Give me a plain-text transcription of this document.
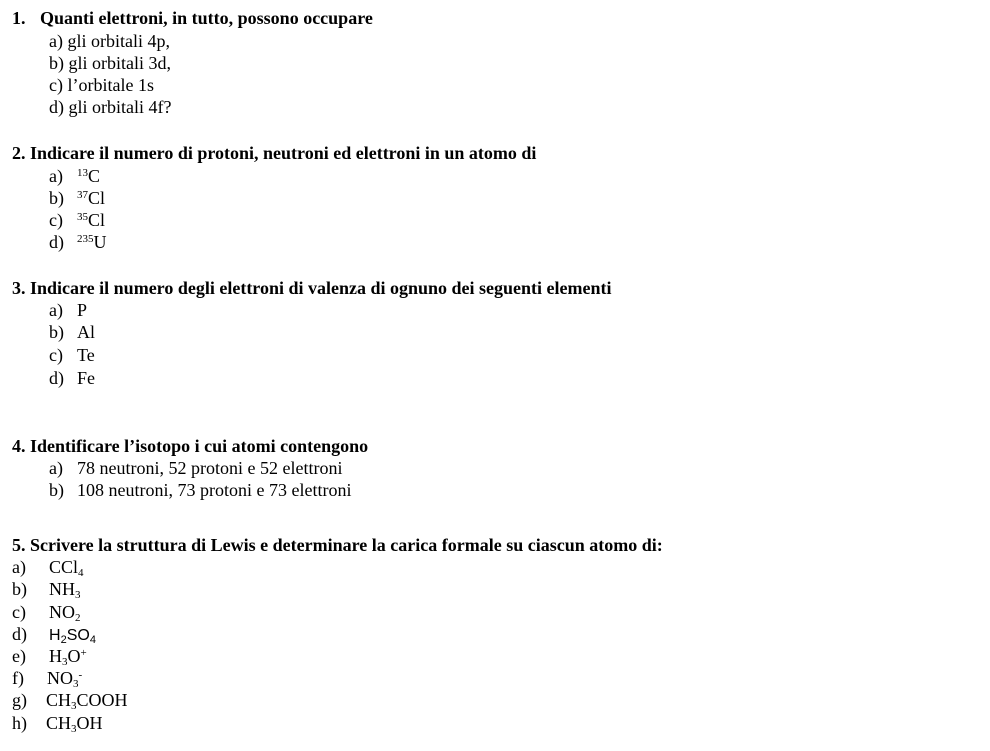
1. Quanti elettroni, in tutto, possono occupare
a) gli orbitali 4p,
b) gli orbitali 3d,
c) l’orbitale 1s
d) gli orbitali 4f?
2. Indicare il numero di protoni, neutroni ed elettroni in un atomo di
a) $^{13}$C
b) $^{37}$Cl
c) $^{35}$Cl
d) $^{235}$U
3. Indicare il numero degli elettroni di valenza di ognuno dei seguenti elementi
a) P
b) Al
c) Te
d) Fe
4. Identificare l’isotopo i cui atomi contengono
a) 78 neutroni, 52 protoni e 52 elettroni
b) 108 neutroni, 73 protoni e 73 elettroni
5. Scrivere la struttura di Lewis e determinare la carica formale su ciascun atomo di:
a) CCl$_4$
b) $NH_3$
c) $NO_2$
d) $H_2SO_4$
e) $H_3O^+$
f) $NO_3^-$
g) $CH_3COOH$
h) $CH_3OH$
